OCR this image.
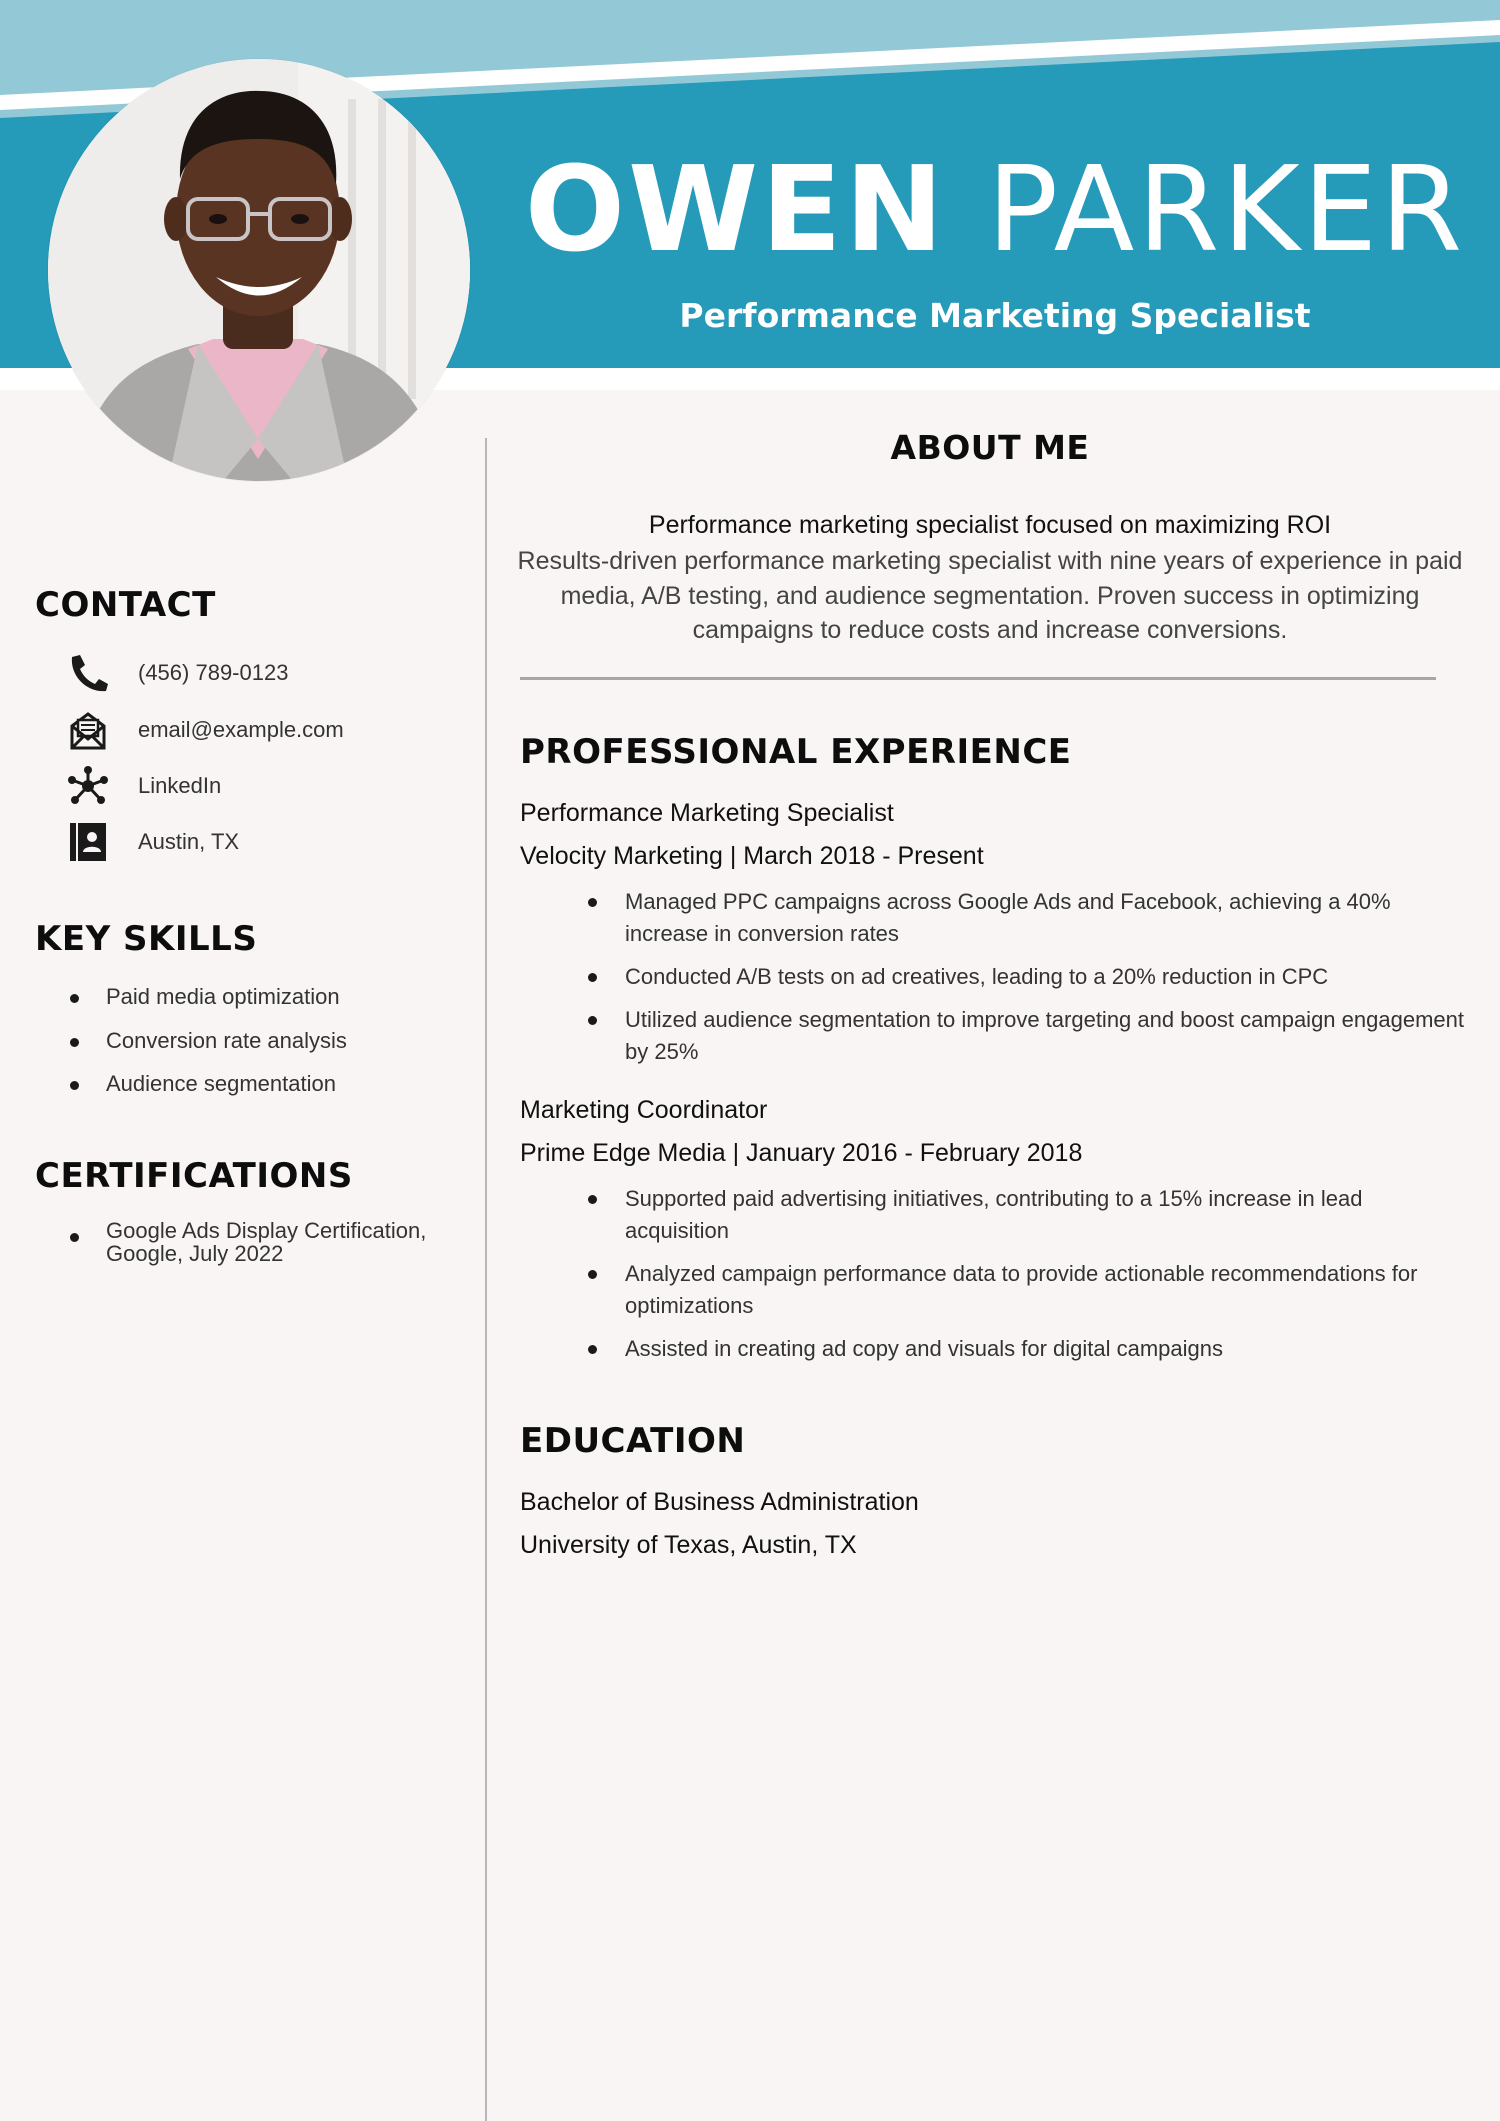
OWEN PARKER
Performance Marketing Specialist
CONTACT
(456) 789-0123
email@example.com
LinkedIn
Austin, TX
KEY SKILLS
Paid media optimization
Conversion rate analysis
Audience segmentation
CERTIFICATIONS
Google Ads Display Certification, Google, July 2022
ABOUT ME
Performance marketing specialist focused on maximizing ROI
Results-driven performance marketing specialist with nine years of experience in paid media, A/B testing, and audience segmentation. Proven success in optimizing campaigns to reduce costs and increase conversions.
PROFESSIONAL EXPERIENCE
Performance Marketing Specialist
Velocity Marketing | March 2018 - Present
Managed PPC campaigns across Google Ads and Facebook, achieving a 40% increase in conversion rates
Conducted A/B tests on ad creatives, leading to a 20% reduction in CPC
Utilized audience segmentation to improve targeting and boost campaign engagement by 25%
Marketing Coordinator
Prime Edge Media | January 2016 - February 2018
Supported paid advertising initiatives, contributing to a 15% increase in lead acquisition
Analyzed campaign performance data to provide actionable recommendations for optimizations
Assisted in creating ad copy and visuals for digital campaigns
EDUCATION
Bachelor of Business Administration
University of Texas, Austin, TX
